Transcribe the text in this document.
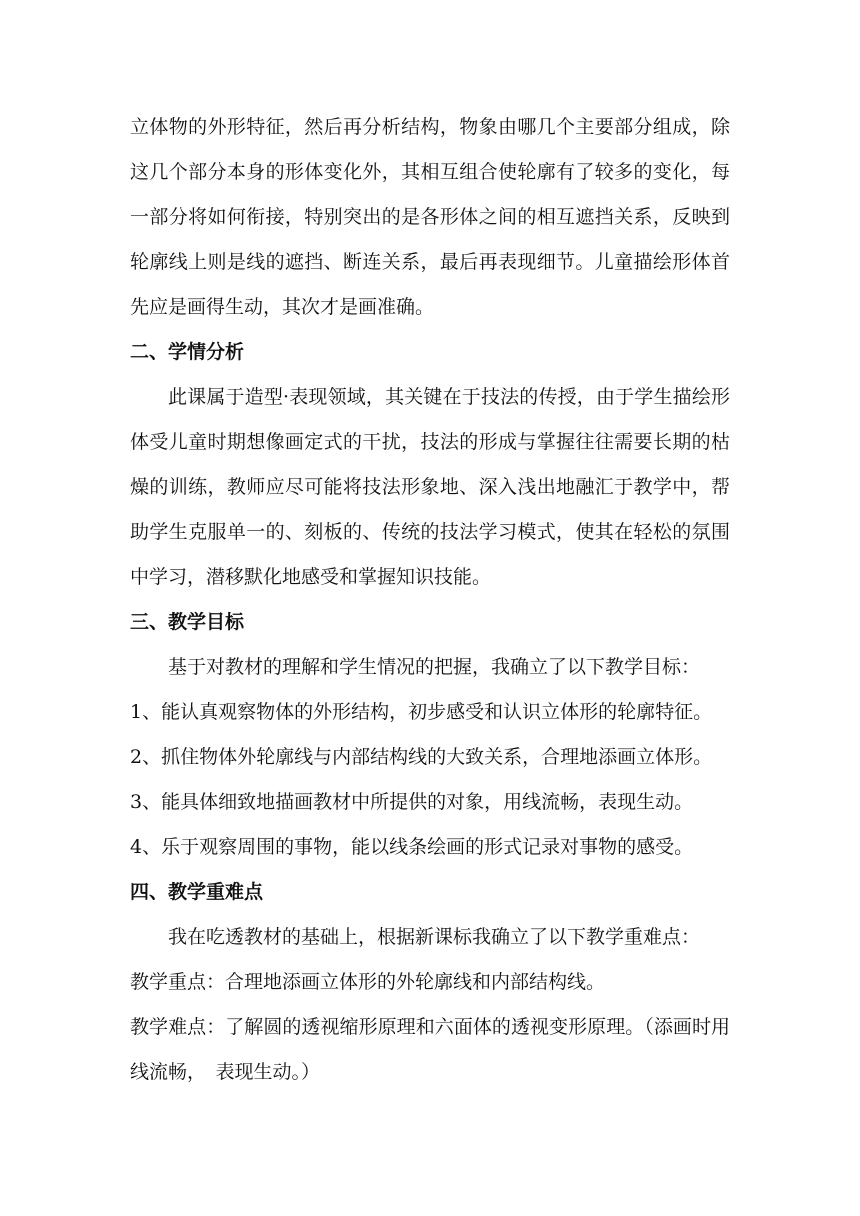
立体物的外形特征，然后再分析结构，物象由哪几个主要部分组成，除这几个部分本身的形体变化外，其相互组合使轮廓有了较多的变化，每一部分将如何衔接，特别突出的是各形体之间的相互遮挡关系，反映到轮廓线上则是线的遮挡、断连关系，最后再表现细节。儿童描绘形体首先应是画得生动，其次才是画准确。

二、学情分析

此课属于造型·表现领域，其关键在于技法的传授，由于学生描绘形体受儿童时期想像画定式的干扰，技法的形成与掌握往往需要长期的枯燥的训练，教师应尽可能将技法形象地、深入浅出地融汇于教学中，帮助学生克服单一的、刻板的、传统的技法学习模式，使其在轻松的氛围中学习，潜移默化地感受和掌握知识技能。

三、教学目标

基于对教材的理解和学生情况的把握，我确立了以下教学目标：

1、能认真观察物体的外形结构，初步感受和认识立体形的轮廓特征。

2、抓住物体外轮廓线与内部结构线的大致关系，合理地添画立体形。

3、能具体细致地描画教材中所提供的对象，用线流畅，表现生动。

4、乐于观察周围的事物，能以线条绘画的形式记录对事物的感受。

四、教学重难点

我在吃透教材的基础上，根据新课标我确立了以下教学重难点：

教学重点：合理地添画立体形的外轮廓线和内部结构线。

教学难点：了解圆的透视缩形原理和六面体的透视变形原理。（添画时用线流畅，　表现生动。）
